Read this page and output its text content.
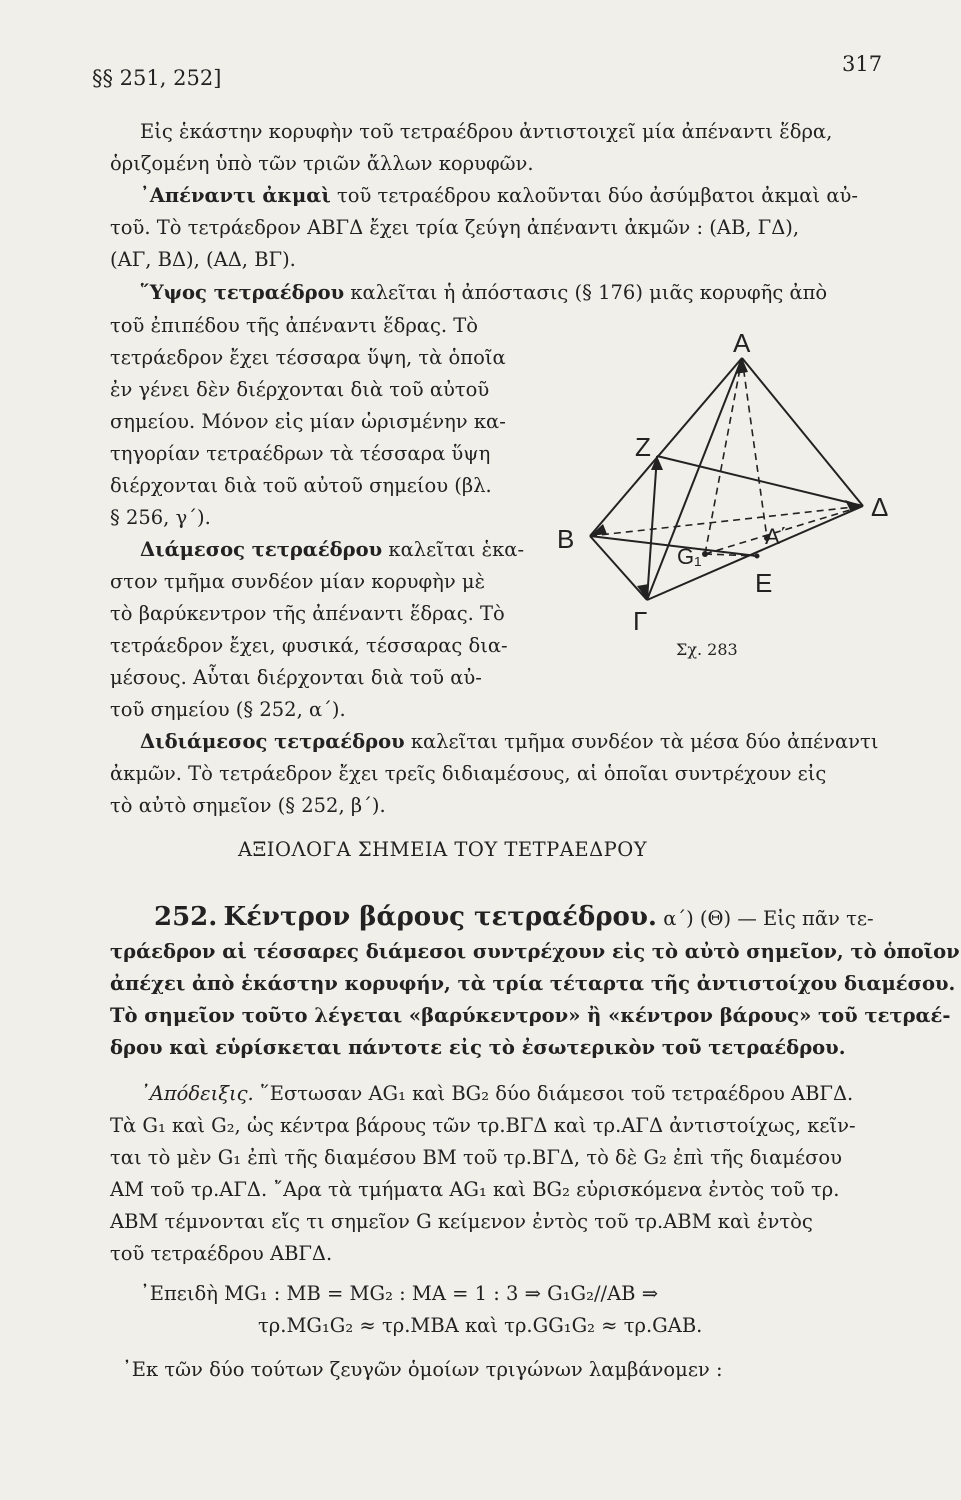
§§ 251, 252]
317
Εἰς ἑκάστην κορυφὴν τοῦ τετραέδρου ἀντιστοιχεῖ μία ἀπέναντι ἕδρα,
ὁριζομένη ὑπὸ τῶν τριῶν ἄλλων κορυφῶν.
᾿Απέναντι ἀκμαὶ τοῦ τετραέδρου καλοῦνται δύο ἀσύμβατοι ἀκμαὶ αὐ-
τοῦ. Τὸ τετράεδρον ΑΒΓΔ ἔχει τρία ζεύγη ἀπέναντι ἀκμῶν : (ΑΒ, ΓΔ),
(ΑΓ, ΒΔ), (ΑΔ, ΒΓ).
῞Υψος τετραέδρου καλεῖται ἡ ἀπόστασις (§ 176) μιᾶς κορυφῆς ἀπὸ
τοῦ ἐπιπέδου τῆς ἀπέναντι ἕδρας. Τὸ
τετράεδρον ἔχει τέσσαρα ὕψη, τὰ ὁποῖα
ἐν γένει δὲν διέρχονται διὰ τοῦ αὐτοῦ
σημείου. Μόνον εἰς μίαν ὡρισμένην κα-
τηγορίαν τετραέδρων τὰ τέσσαρα ὕψη
διέρχονται διὰ τοῦ αὐτοῦ σημείου (βλ.
§ 256, γ΄).
Διάμεσος τετραέδρου καλεῖται ἑκα-
στον τμῆμα συνδέον μίαν κορυφὴν μὲ
τὸ βαρύκεντρον τῆς ἀπέναντι ἕδρας. Τὸ
τετράεδρον ἔχει, φυσικά, τέσσαρας δια-
μέσους. Αὗται διέρχονται διὰ τοῦ αὐ-
τοῦ σημείου (§ 252, α΄).
Διδιάμεσος τετραέδρου καλεῖται τμῆμα συνδέον τὰ μέσα δύο ἀπέναντι
ἀκμῶν. Τὸ τετράεδρον ἔχει τρεῖς διδιαμέσους, αἱ ὁποῖαι συντρέχουν εἰς
τὸ αὐτὸ σημεῖον (§ 252, β΄).
ΑΞΙΟΛΟΓΑ ΣΗΜΕΙΑ ΤΟΥ ΤΕΤΡΑΕΔΡΟΥ
252. Κέντρον βάρους τετραέδρου. α΄) (Θ) — Εἰς πᾶν τε-
τράεδρον αἱ τέσσαρες διάμεσοι συντρέχουν εἰς τὸ αὐτὸ σημεῖον, τὸ ὁποῖον
ἀπέχει ἀπὸ ἑκάστην κορυφήν, τὰ τρία τέταρτα τῆς ἀντιστοίχου διαμέσου.
Τὸ σημεῖον τοῦτο λέγεται «βαρύκεντρον» ἢ «κέντρον βάρους» τοῦ τετραέ-
δρου καὶ εὑρίσκεται πάντοτε εἰς τὸ ἐσωτερικὸν τοῦ τετραέδρου.
᾿Απόδειξις. ῞Εστωσαν ΑG₁ καὶ ΒG₂ δύο διάμεσοι τοῦ τετραέδρου ΑΒΓΔ.
Τὰ G₁ καὶ G₂, ὡς κέντρα βάρους τῶν τρ.ΒΓΔ καὶ τρ.ΑΓΔ ἀντιστοίχως, κεῖν-
ται τὸ μὲν G₁ ἐπὶ τῆς διαμέσου ΒΜ τοῦ τρ.ΒΓΔ, τὸ δὲ G₂ ἐπὶ τῆς διαμέσου
ΑΜ τοῦ τρ.ΑΓΔ. ῎Αρα τὰ τμήματα ΑG₁ καὶ ΒG₂ εὑρισκόμενα ἐντὸς τοῦ τρ.
ΑΒΜ τέμνονται εἴς τι σημεῖον G κείμενον ἐντὸς τοῦ τρ.ΑΒΜ καὶ ἐντὸς
τοῦ τετραέδρου ΑΒΓΔ.
᾿Επειδὴ ΜG₁ : ΜΒ = ΜG₂ : ΜΑ = 1 : 3 ⇒ G₁G₂//ΑΒ ⇒
τρ.ΜG₁G₂ ≈ τρ.ΜΒΑ καὶ τρ.GG₁G₂ ≈ τρ.GΑΒ.
᾿Εκ τῶν δύο τούτων ζευγῶν ὁμοίων τριγώνων λαμβάνομεν :
Α
Β
Γ
Δ
Ζ
Ε
G₁
Α΄
Σχ. 283
